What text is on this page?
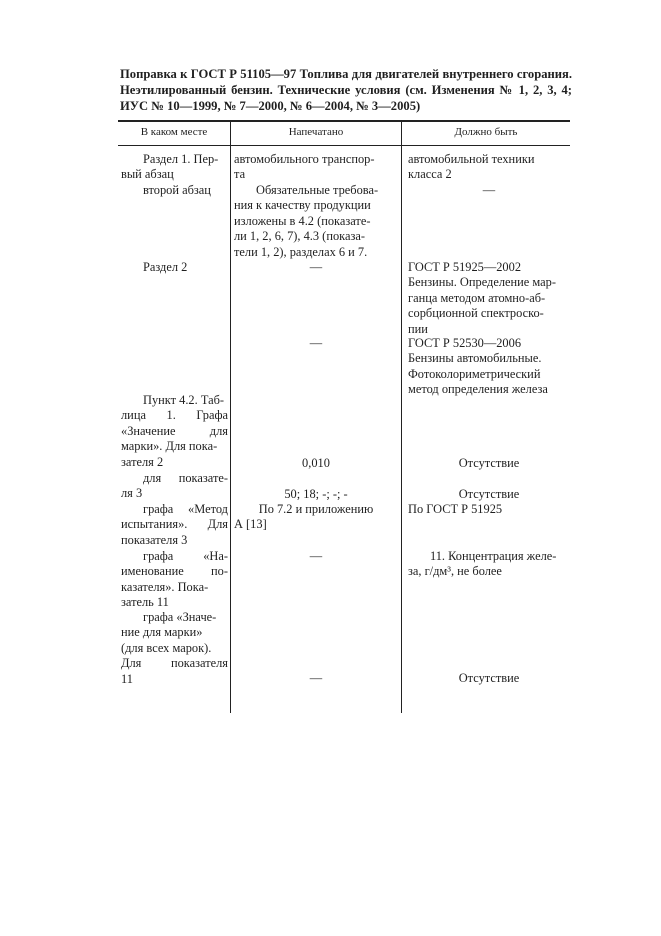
Поправка к ГОСТ Р 51105—97 Топлива для двигателей внутреннего сгорания. Неэтилированный бензин. Технические условия (см. Изменения № 1, 2, 3, 4; ИУС № 10—1999, № 7—2000, № 6—2004, № 3—2005)

В каком месте	Напечатано	Должно быть
Раздел 1. Пер-
вый абзац
второй абзац
Раздел 2
Пункт 4.2. Таб-
лица 1. Графа
«Значение для
марки». Для пока-
зателя 2
для показате-
ля 3
графа «Метод
испытания». Для
показателя 3
графа «На-
именование по-
казателя». Пока-
затель 11
графа «Значе-
ние для марки»
(для всех марок).
Для показателя
11
автомобильного транспор-
та
Обязательные требова-
ния к качеству продукции
изложены в 4.2 (показате-
ли 1, 2, 6, 7), 4.3 (показа-
тели 1, 2), разделах 6 и 7.
—
—
0,010
50; 18; -; -; -
По 7.2 и приложению
А [13]
—
—
автомобильной техники
класса 2
—
ГОСТ Р 51925—2002
Бензины. Определение мар-
ганца методом атомно-аб-
сорбционной спектроско-
пии
ГОСТ Р 52530—2006
Бензины автомобильные.
Фотоколориметрический
метод определения железа
Отсутствие
Отсутствие
По ГОСТ Р 51925
11. Концентрация желе-
за, г/дм³, не более
Отсутствие
